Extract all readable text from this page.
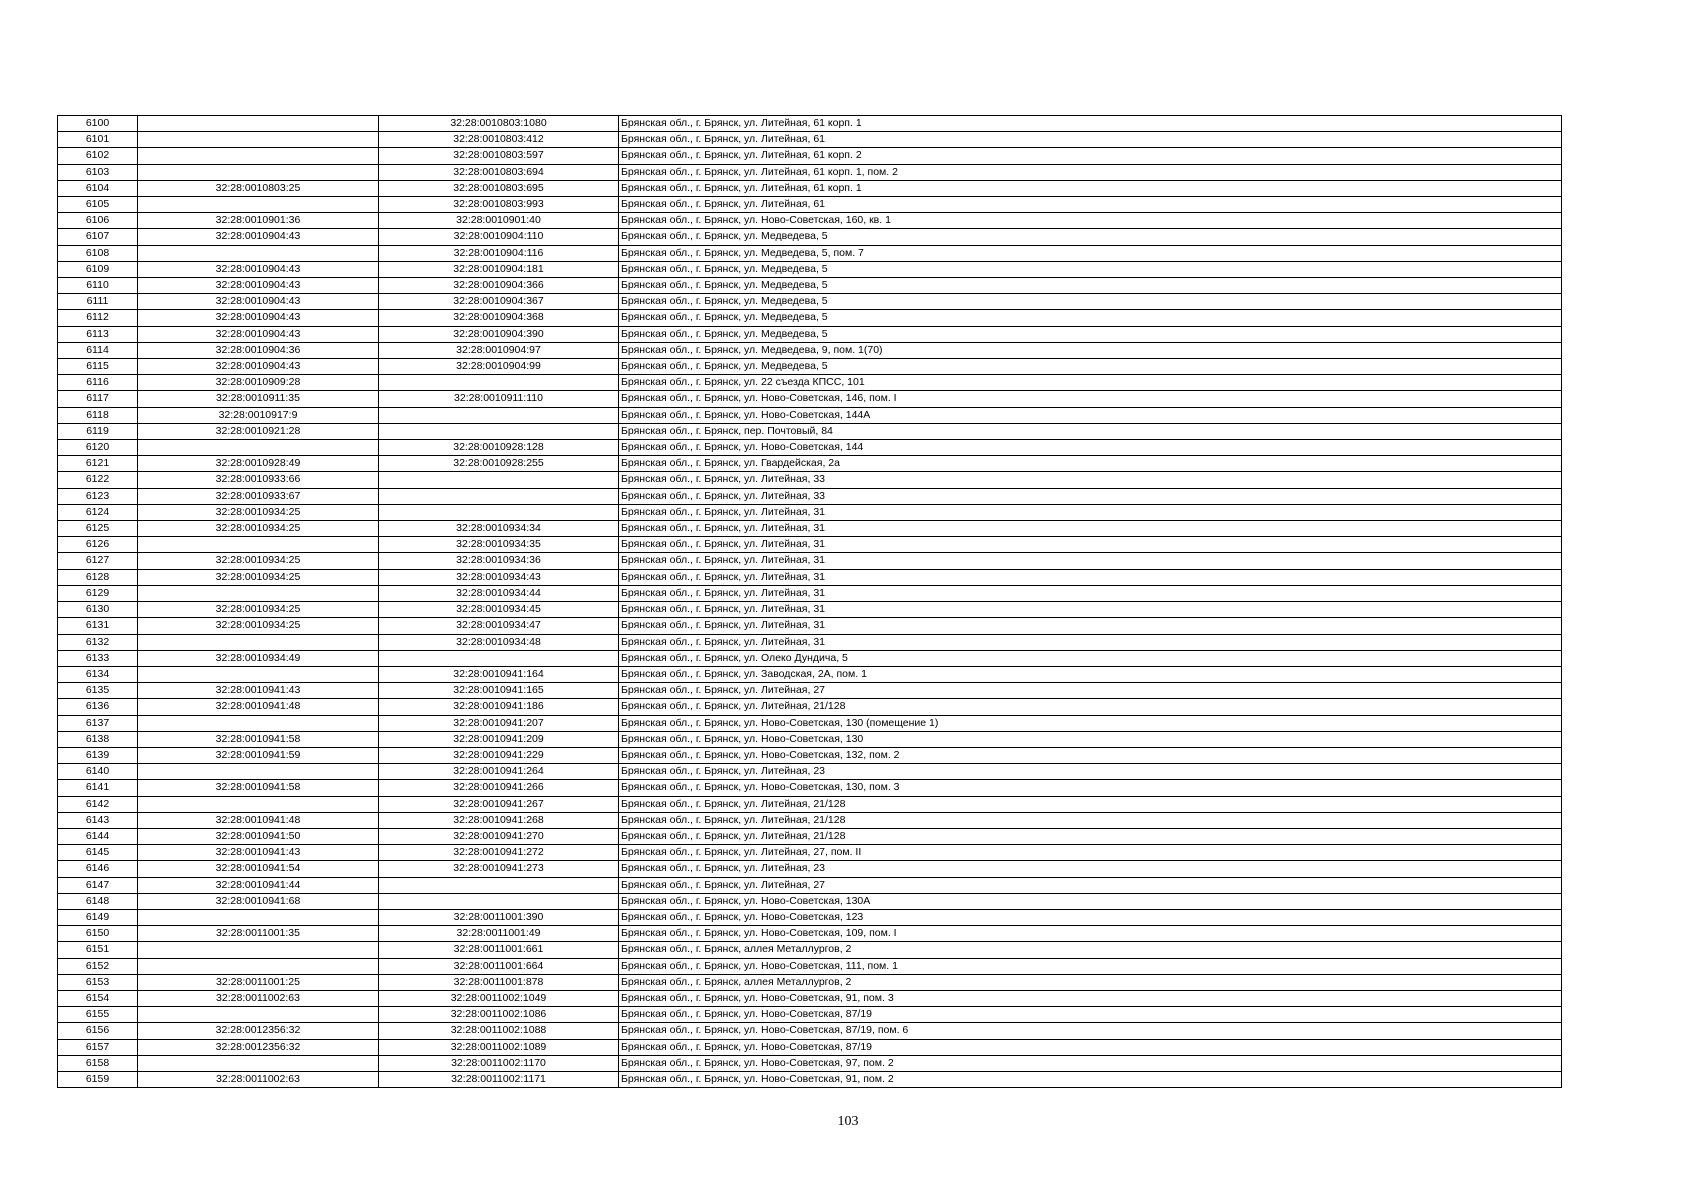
6100		32:28:0010803:1080	Брянская обл., г. Брянск, ул. Литейная, 61 корп. 1
6101		32:28:0010803:412	Брянская обл., г. Брянск, ул. Литейная, 61
6102		32:28:0010803:597	Брянская обл., г. Брянск, ул. Литейная, 61 корп. 2
6103		32:28:0010803:694	Брянская обл., г. Брянск, ул. Литейная, 61 корп. 1, пом. 2
6104	32:28:0010803:25	32:28:0010803:695	Брянская обл., г. Брянск, ул. Литейная, 61 корп. 1
6105		32:28:0010803:993	Брянская обл., г. Брянск, ул. Литейная, 61
6106	32:28:0010901:36	32:28:0010901:40	Брянская обл., г. Брянск, ул. Ново-Советская, 160, кв. 1
6107	32:28:0010904:43	32:28:0010904:110	Брянская обл., г. Брянск, ул. Медведева, 5
6108		32:28:0010904:116	Брянская обл., г. Брянск, ул. Медведева, 5, пом. 7
6109	32:28:0010904:43	32:28:0010904:181	Брянская обл., г. Брянск, ул. Медведева, 5
6110	32:28:0010904:43	32:28:0010904:366	Брянская обл., г. Брянск, ул. Медведева, 5
6111	32:28:0010904:43	32:28:0010904:367	Брянская обл., г. Брянск, ул. Медведева, 5
6112	32:28:0010904:43	32:28:0010904:368	Брянская обл., г. Брянск, ул. Медведева, 5
6113	32:28:0010904:43	32:28:0010904:390	Брянская обл., г. Брянск, ул. Медведева, 5
6114	32:28:0010904:36	32:28:0010904:97	Брянская обл., г. Брянск, ул. Медведева, 9, пом. 1(70)
6115	32:28:0010904:43	32:28:0010904:99	Брянская обл., г. Брянск, ул. Медведева, 5
6116	32:28:0010909:28		Брянская обл., г. Брянск, ул. 22 съезда КПСС, 101
6117	32:28:0010911:35	32:28:0010911:110	Брянская обл., г. Брянск, ул. Ново-Советская, 146, пом. I
6118	32:28:0010917:9		Брянская обл., г. Брянск, ул. Ново-Советская, 144А
6119	32:28:0010921:28		Брянская обл., г. Брянск, пер. Почтовый, 84
6120		32:28:0010928:128	Брянская обл., г. Брянск, ул. Ново-Советская, 144
6121	32:28:0010928:49	32:28:0010928:255	Брянская обл., г. Брянск, ул. Гвардейская, 2а
6122	32:28:0010933:66		Брянская обл., г. Брянск, ул. Литейная, 33
6123	32:28:0010933:67		Брянская обл., г. Брянск, ул. Литейная, 33
6124	32:28:0010934:25		Брянская обл., г. Брянск, ул. Литейная, 31
6125	32:28:0010934:25	32:28:0010934:34	Брянская обл., г. Брянск, ул. Литейная, 31
6126		32:28:0010934:35	Брянская обл., г. Брянск, ул. Литейная, 31
6127	32:28:0010934:25	32:28:0010934:36	Брянская обл., г. Брянск, ул. Литейная, 31
6128	32:28:0010934:25	32:28:0010934:43	Брянская обл., г. Брянск, ул. Литейная, 31
6129		32:28:0010934:44	Брянская обл., г. Брянск, ул. Литейная, 31
6130	32:28:0010934:25	32:28:0010934:45	Брянская обл., г. Брянск, ул. Литейная, 31
6131	32:28:0010934:25	32:28:0010934:47	Брянская обл., г. Брянск, ул. Литейная, 31
6132		32:28:0010934:48	Брянская обл., г. Брянск, ул. Литейная, 31
6133	32:28:0010934:49		Брянская обл., г. Брянск, ул. Олеко Дундича, 5
6134		32:28:0010941:164	Брянская обл., г. Брянск, ул. Заводская, 2А, пом. 1
6135	32:28:0010941:43	32:28:0010941:165	Брянская обл., г. Брянск, ул. Литейная, 27
6136	32:28:0010941:48	32:28:0010941:186	Брянская обл., г. Брянск, ул. Литейная, 21/128
6137		32:28:0010941:207	Брянская обл., г. Брянск, ул. Ново-Советская, 130 (помещение 1)
6138	32:28:0010941:58	32:28:0010941:209	Брянская обл., г. Брянск, ул. Ново-Советская, 130
6139	32:28:0010941:59	32:28:0010941:229	Брянская обл., г. Брянск, ул. Ново-Советская, 132, пом. 2
6140		32:28:0010941:264	Брянская обл., г. Брянск, ул. Литейная, 23
6141	32:28:0010941:58	32:28:0010941:266	Брянская обл., г. Брянск, ул. Ново-Советская, 130, пом. 3
6142		32:28:0010941:267	Брянская обл., г. Брянск, ул. Литейная, 21/128
6143	32:28:0010941:48	32:28:0010941:268	Брянская обл., г. Брянск, ул. Литейная, 21/128
6144	32:28:0010941:50	32:28:0010941:270	Брянская обл., г. Брянск, ул. Литейная, 21/128
6145	32:28:0010941:43	32:28:0010941:272	Брянская обл., г. Брянск, ул. Литейная, 27, пом. II
6146	32:28:0010941:54	32:28:0010941:273	Брянская обл., г. Брянск, ул. Литейная, 23
6147	32:28:0010941:44		Брянская обл., г. Брянск, ул. Литейная, 27
6148	32:28:0010941:68		Брянская обл., г. Брянск, ул. Ново-Советская, 130А
6149		32:28:0011001:390	Брянская обл., г. Брянск, ул. Ново-Советская, 123
6150	32:28:0011001:35	32:28:0011001:49	Брянская обл., г. Брянск, ул. Ново-Советская, 109, пом. I
6151		32:28:0011001:661	Брянская обл., г. Брянск, аллея Металлургов, 2
6152		32:28:0011001:664	Брянская обл., г. Брянск, ул. Ново-Советская, 111, пом. 1
6153	32:28:0011001:25	32:28:0011001:878	Брянская обл., г. Брянск, аллея Металлургов, 2
6154	32:28:0011002:63	32:28:0011002:1049	Брянская обл., г. Брянск, ул. Ново-Советская, 91, пом. 3
6155		32:28:0011002:1086	Брянская обл., г. Брянск, ул. Ново-Советская, 87/19
6156	32:28:0012356:32	32:28:0011002:1088	Брянская обл., г. Брянск, ул. Ново-Советская, 87/19, пом. 6
6157	32:28:0012356:32	32:28:0011002:1089	Брянская обл., г. Брянск, ул. Ново-Советская, 87/19
6158		32:28:0011002:1170	Брянская обл., г. Брянск, ул. Ново-Советская, 97, пом. 2
6159	32:28:0011002:63	32:28:0011002:1171	Брянская обл., г. Брянск, ул. Ново-Советская, 91, пом. 2
103
